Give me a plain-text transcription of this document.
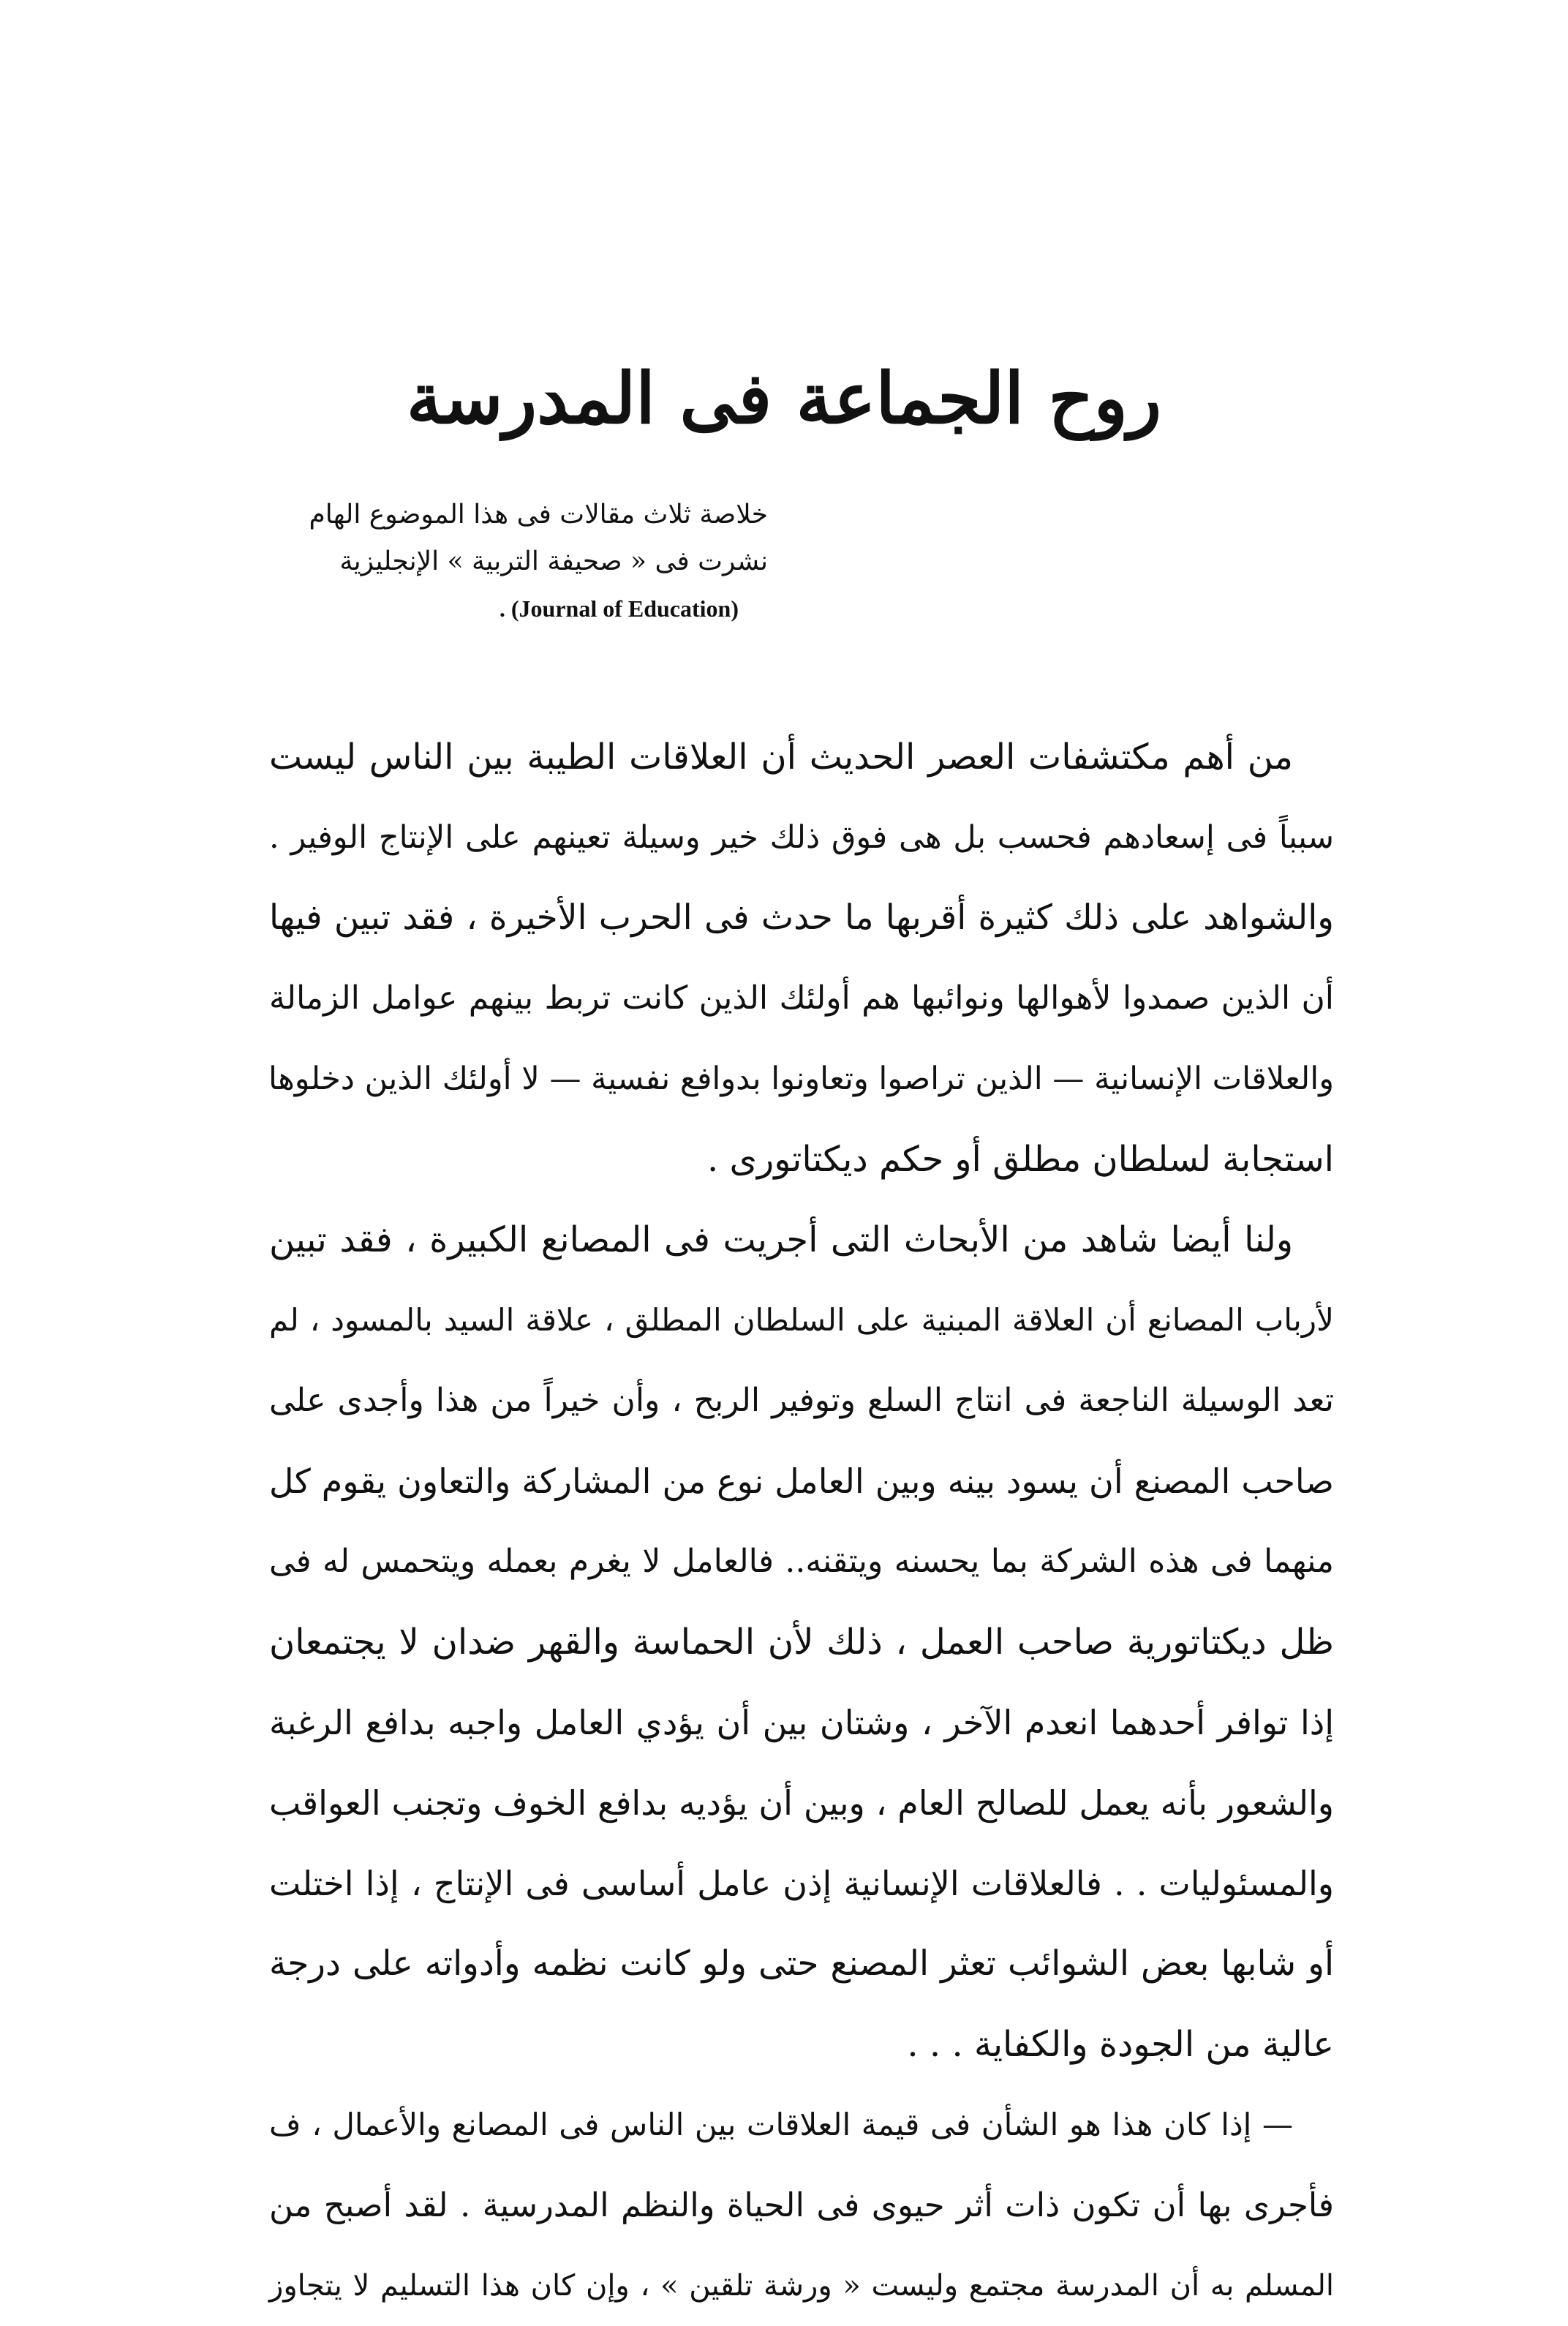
روح الجماعة فى المدرسة
خلاصة ثلاث مقالات فى هذا الموضوع الهام
نشرت فى « صحيفة التربية » الإنجليزية
. (Journal of Education)
من أهم مكتشفات العصر الحديث أن العلاقات الطيبة بين الناس ليست
سبباً فى إسعادهم فحسب بل هى فوق ذلك خير وسيلة تعينهم على الإنتاج الوفير .
والشواهد على ذلك كثيرة أقربها ما حدث فى الحرب الأخيرة ، فقد تبين فيها
أن الذين صمدوا لأهوالها ونوائبها هم أولئك الذين كانت تربط بينهم عوامل الزمالة
والعلاقات الإنسانية — الذين تراصوا وتعاونوا بدوافع نفسية — لا أولئك الذين دخلوها
استجابة لسلطان مطلق أو حكم ديكتاتورى .
ولنا أيضا شاهد من الأبحاث التى أجريت فى المصانع الكبيرة ، فقد تبين
لأرباب المصانع أن العلاقة المبنية على السلطان المطلق ، علاقة السيد بالمسود ، لم
تعد الوسيلة الناجعة فى انتاج السلع وتوفير الربح ، وأن خيراً من هذا وأجدى على
صاحب المصنع أن يسود بينه وبين العامل نوع من المشاركة والتعاون يقوم كل
منهما فى هذه الشركة بما يحسنه ويتقنه.. فالعامل لا يغرم بعمله ويتحمس له فى
ظل ديكتاتورية صاحب العمل ، ذلك لأن الحماسة والقهر ضدان لا يجتمعان
إذا توافر أحدهما انعدم الآخر ، وشتان بين أن يؤدي العامل واجبه بدافع الرغبة
والشعور بأنه يعمل للصالح العام ، وبين أن يؤديه بدافع الخوف وتجنب العواقب
والمسئوليات . . فالعلاقات الإنسانية إذن عامل أساسى فى الإنتاج ، إذا اختلت
أو شابها بعض الشوائب تعثر المصنع حتى ولو كانت نظمه وأدواته على درجة
عالية من الجودة والكفاية . . .
— إذا كان هذا هو الشأن فى قيمة العلاقات بين الناس فى المصانع والأعمال ، ف
فأجرى بها أن تكون ذات أثر حيوى فى الحياة والنظم المدرسية . لقد أصبح من
المسلم به أن المدرسة مجتمع وليست « ورشة تلقين » ، وإن كان هذا التسليم لا يتجاوز
